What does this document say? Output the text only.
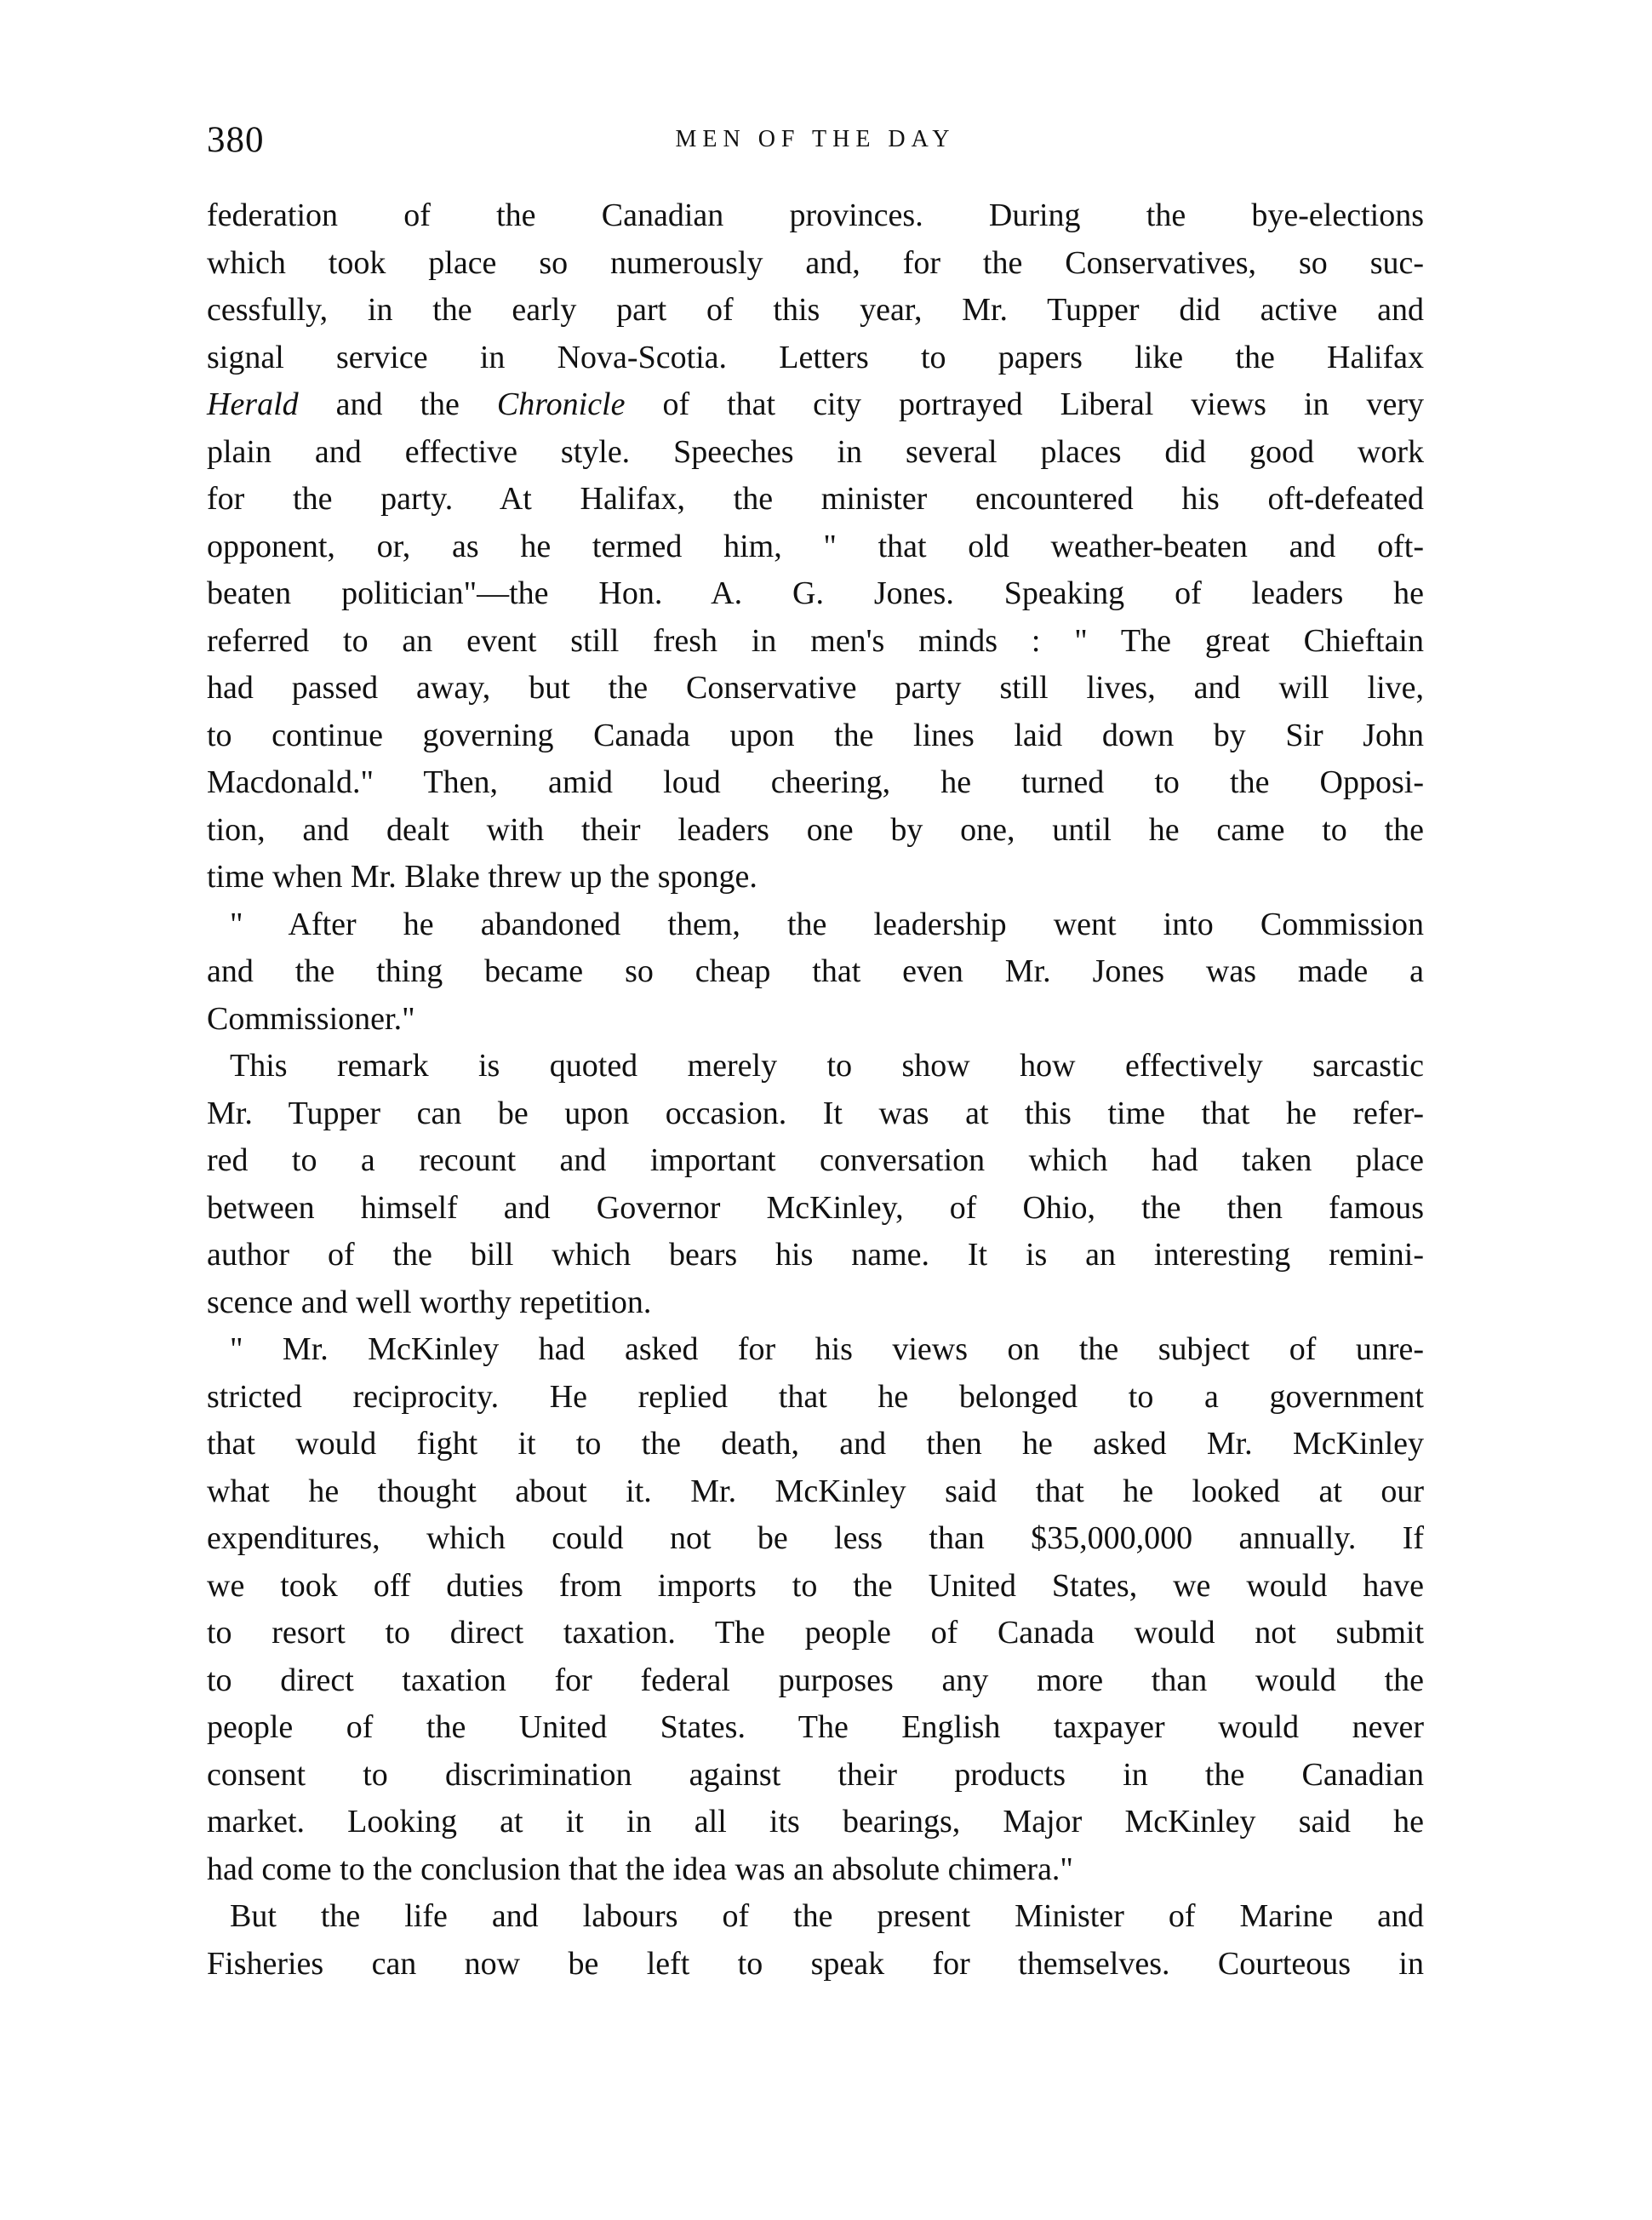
380	MEN OF THE DAY
federation of the Canadian provinces. During the bye-elections
which took place so numerously and, for the Conservatives, so suc-
cessfully, in the early part of this year, Mr. Tupper did active and
signal service in Nova-Scotia. Letters to papers like the Halifax
Herald and the Chronicle of that city portrayed Liberal views in very
plain and effective style. Speeches in several places did good work
for the party. At Halifax, the minister encountered his oft-defeated
opponent, or, as he termed him, " that old weather-beaten and oft-
beaten politician"—the Hon. A. G. Jones. Speaking of leaders he
referred to an event still fresh in men's minds : " The great Chieftain
had passed away, but the Conservative party still lives, and will live,
to continue governing Canada upon the lines laid down by Sir John
Macdonald." Then, amid loud cheering, he turned to the Opposi-
tion, and dealt with their leaders one by one, until he came to the
time when Mr. Blake threw up the sponge.
" After he abandoned them, the leadership went into Commission
and the thing became so cheap that even Mr. Jones was made a
Commissioner."
This remark is quoted merely to show how effectively sarcastic
Mr. Tupper can be upon occasion. It was at this time that he refer-
red to a recount and important conversation which had taken place
between himself and Governor McKinley, of Ohio, the then famous
author of the bill which bears his name. It is an interesting remini-
scence and well worthy repetition.
" Mr. McKinley had asked for his views on the subject of unre-
stricted reciprocity. He replied that he belonged to a government
that would fight it to the death, and then he asked Mr. McKinley
what he thought about it. Mr. McKinley said that he looked at our
expenditures, which could not be less than $35,000,000 annually. If
we took off duties from imports to the United States, we would have
to resort to direct taxation. The people of Canada would not submit
to direct taxation for federal purposes any more than would the
people of the United States. The English taxpayer would never
consent to discrimination against their products in the Canadian
market. Looking at it in all its bearings, Major McKinley said he
had come to the conclusion that the idea was an absolute chimera."
But the life and labours of the present Minister of Marine and
Fisheries can now be left to speak for themselves. Courteous in
